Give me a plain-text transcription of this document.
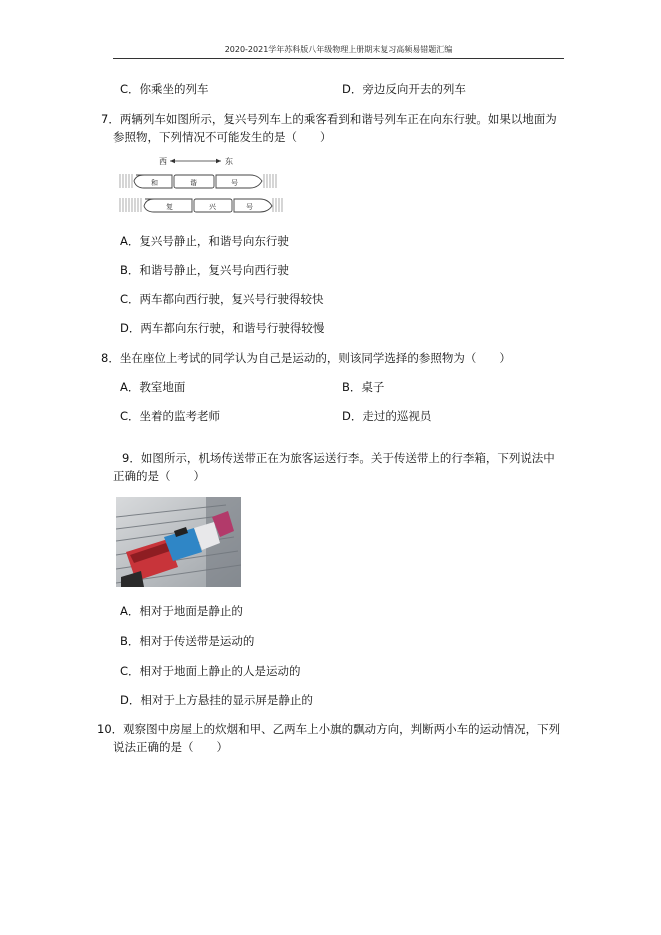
2020-2021学年苏科版八年级物理上册期末复习高频易错题汇编
C．你乘坐的列车	D．旁边反向开去的列车
7．两辆列车如图所示，复兴号列车上的乘客看到和谐号列车正在向东行驶。如果以地面为
参照物，下列情况不可能发生的是（　　）
西	东
和	谐	号
复	兴	号
A．复兴号静止，和谐号向东行驶
B．和谐号静止，复兴号向西行驶
C．两车都向西行驶，复兴号行驶得较快
D．两车都向东行驶，和谐号行驶得较慢
8．坐在座位上考试的同学认为自己是运动的，则该同学选择的参照物为（　　）
A．教室地面	B．桌子
C．坐着的监考老师	D．走过的巡视员
9．如图所示，机场传送带正在为旅客运送行李。关于传送带上的行李箱，下列说法中
正确的是（　　）
A．相对于地面是静止的
B．相对于传送带是运动的
C．相对于地面上静止的人是运动的
D．相对于上方悬挂的显示屏是静止的
10．观察图中房屋上的炊烟和甲、乙两车上小旗的飘动方向，判断两小车的运动情况，下列
说法正确的是（　　）
